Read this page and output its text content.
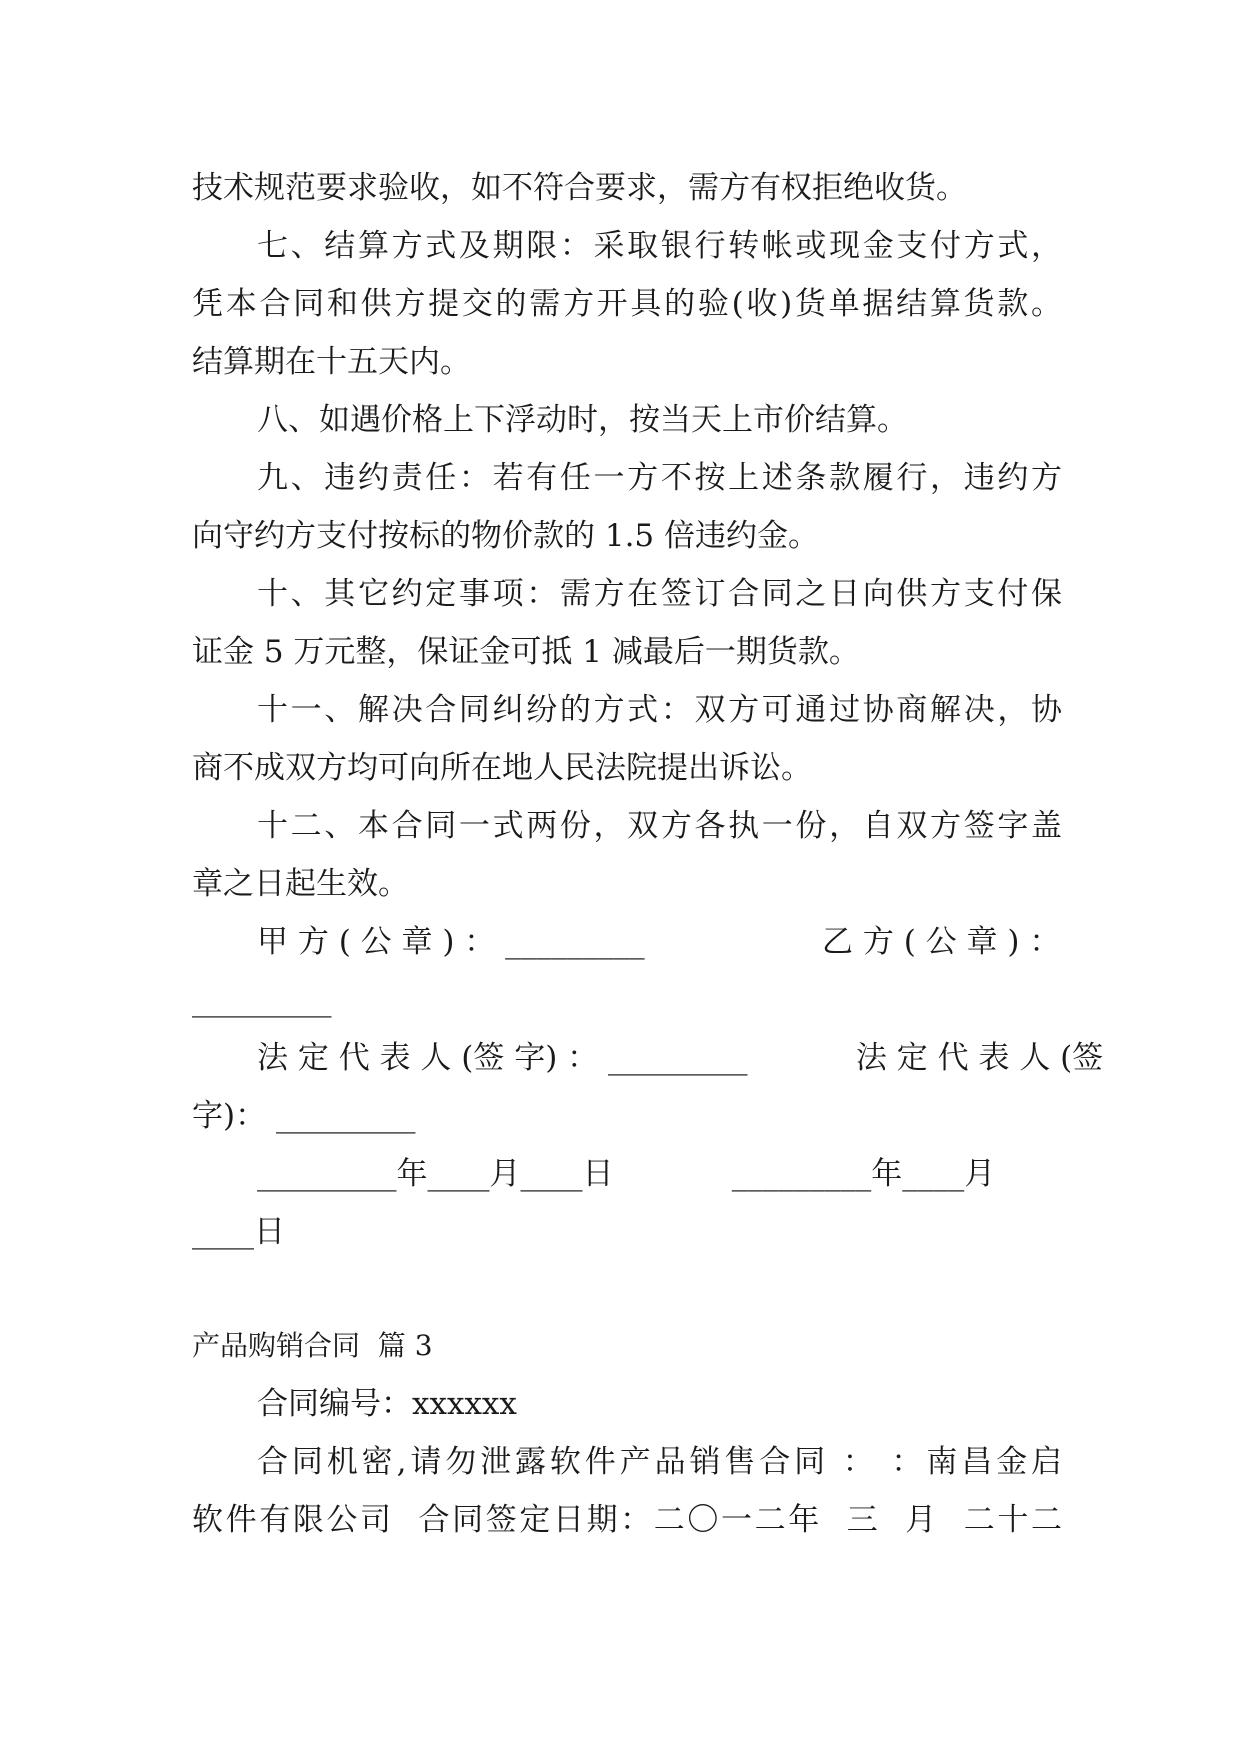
技术规范要求验收，如不符合要求，需方有权拒绝收货。

七、结算方式及期限：采取银行转帐或现金支付方式，

凭本合同和供方提交的需方开具的验(收)货单据结算货款。

结算期在十五天内。

八、如遇价格上下浮动时，按当天上市价结算。

九、违约责任：若有任一方不按上述条款履行，违约方

向守约方支付按标的物价款的 1.5 倍违约金。

十、其它约定事项：需方在签订合同之日向供方支付保

证金 5 万元整，保证金可抵 1 减最后一期货款。

十一、解决合同纠纷的方式：双方可通过协商解决，协

商不成双方均可向所在地人民法院提出诉讼。

十二、本合同一式两份，双方各执一份，自双方签字盖

章之日起生效。

甲 方 ( 公 章 ) ： _________                  乙 方 ( 公 章 ) ：

_________

法 定 代 表 人 (签 字) ： _________           法 定 代 表 人 (签

字)： _________

_________年____月____日            _________年____月

____日

产品购销合同  篇 3

合同编号：xxxxxx

合同机密,请勿泄露软件产品销售合同 ： ：南昌金启

软件有限公司  合同签定日期：二〇一二年  三  月  二十二
